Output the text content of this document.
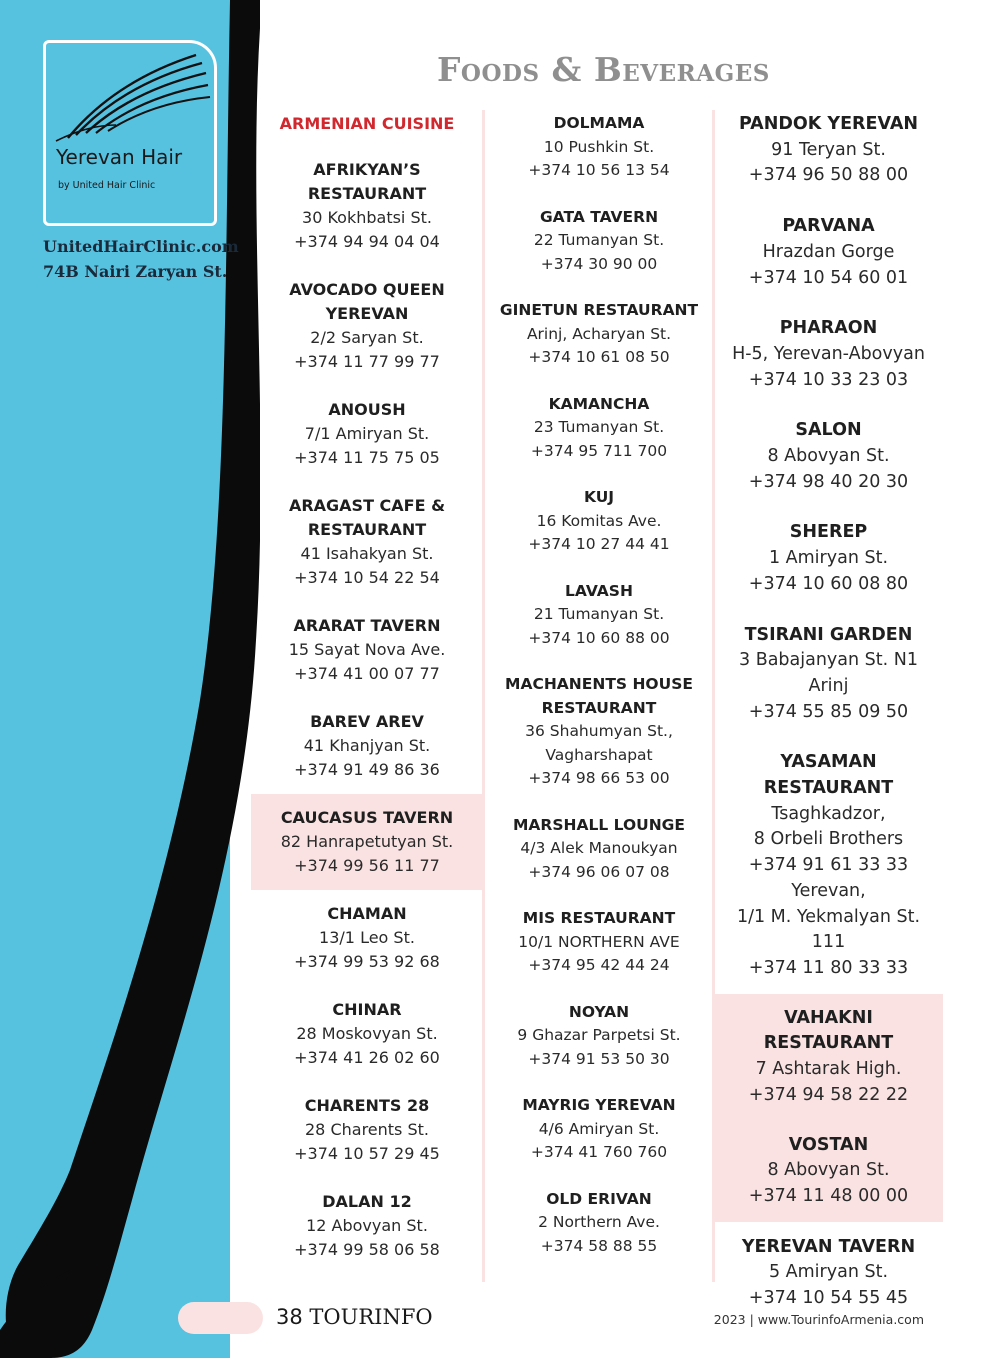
Yerevan Hair
by United Hair Clinic
UnitedHairClinic.com
74B Nairi Zaryan St.
Foods & Beverages
ARMENIAN CUISINE
AFRIKYAN’S
RESTAURANT
30 Kokhbatsi St.
+374 94 94 04 04
AVOCADO QUEEN
YEREVAN
2/2 Saryan St.
+374 11 77 99 77
ANOUSH
7/1 Amiryan St.
+374 11 75 75 05
ARAGAST CAFE &
RESTAURANT
41 Isahakyan St.
+374 10 54 22 54
ARARAT TAVERN
15 Sayat Nova Ave.
+374 41 00 07 77
BAREV AREV
41 Khanjyan St.
+374 91 49 86 36
CAUCASUS TAVERN
82 Hanrapetutyan St.
+374 99 56 11 77
CHAMAN
13/1 Leo St.
+374 99 53 92 68
CHINAR
28 Moskovyan St.
+374 41 26 02 60
CHARENTS 28
28 Charents St.
+374 10 57 29 45
DALAN 12
12 Abovyan St.
+374 99 58 06 58
DOLMAMA
10 Pushkin St.
+374 10 56 13 54
GATA TAVERN
22 Tumanyan St.
+374 30 90 00
GINETUN RESTAURANT
Arinj, Acharyan St.
+374 10 61 08 50
KAMANCHA
23 Tumanyan St.
+374 95 711 700
KUJ
16 Komitas Ave.
+374 10 27 44 41
LAVASH
21 Tumanyan St.
+374 10 60 88 00
MACHANENTS HOUSE
RESTAURANT
36 Shahumyan St.,
Vagharshapat
+374 98 66 53 00
MARSHALL LOUNGE
4/3 Alek Manoukyan
+374 96 06 07 08
MIS RESTAURANT
10/1 NORTHERN AVE
+374 95 42 44 24
NOYAN
9 Ghazar Parpetsi St.
+374 91 53 50 30
MAYRIG YEREVAN
4/6 Amiryan St.
+374 41 760 760
OLD ERIVAN
2 Northern Ave.
+374 58 88 55
PANDOK YEREVAN
91 Teryan St.
+374 96 50 88 00
PARVANA
Hrazdan Gorge
+374 10 54 60 01
PHARAON
H-5, Yerevan-Abovyan
+374 10 33 23 03
SALON
8 Abovyan St.
+374 98 40 20 30
SHEREP
1 Amiryan St.
+374 10 60 08 80
TSIRANI GARDEN
3 Babajanyan St. N1
Arinj
+374 55 85 09 50
YASAMAN RESTAURANT
Tsaghkadzor,
8 Orbeli Brothers
+374 91 61 33 33
Yerevan,
1/1 M. Yekmalyan St.
111
+374 11 80 33 33
VAHAKNI RESTAURANT
7 Ashtarak High.
+374 94 58 22 22
VOSTAN
8 Abovyan St.
+374 11 48 00 00
YEREVAN TAVERN
5 Amiryan St.
+374 10 54 55 45
38 TOURINFO	2023 | www.TourinfoArmenia.com
